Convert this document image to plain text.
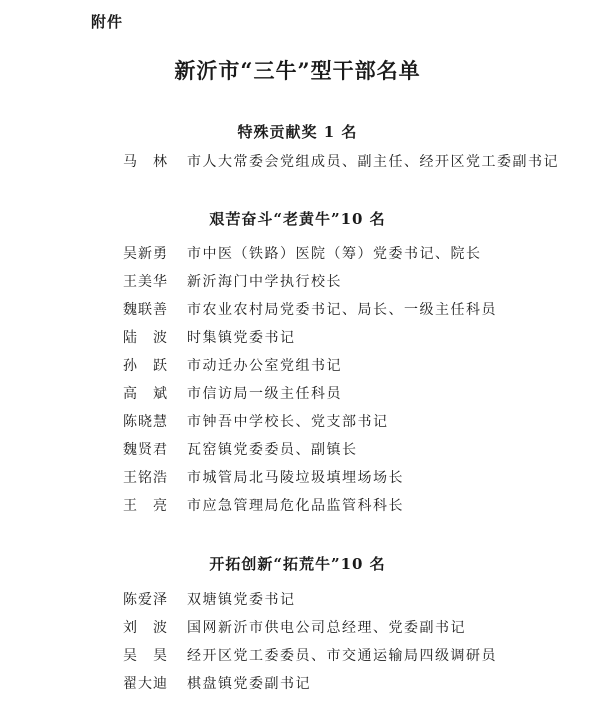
附件
新沂市“三牛”型干部名单
特殊贡献奖 1 名
马　林 市人大常委会党组成员、副主任、经开区党工委副书记
艰苦奋斗“老黄牛”10 名
吴新勇 市中医（铁路）医院（筹）党委书记、院长
王美华 新沂海门中学执行校长
魏联善 市农业农村局党委书记、局长、一级主任科员
陆　波 时集镇党委书记
孙　跃 市动迁办公室党组书记
高　斌 市信访局一级主任科员
陈晓慧 市钟吾中学校长、党支部书记
魏贤君 瓦窑镇党委委员、副镇长
王铭浩 市城管局北马陵垃圾填埋场场长
王　亮 市应急管理局危化品监管科科长
开拓创新“拓荒牛”10 名
陈爱泽 双塘镇党委书记
刘　波 国网新沂市供电公司总经理、党委副书记
吴　昊 经开区党工委委员、市交通运输局四级调研员
翟大迪 棋盘镇党委副书记
